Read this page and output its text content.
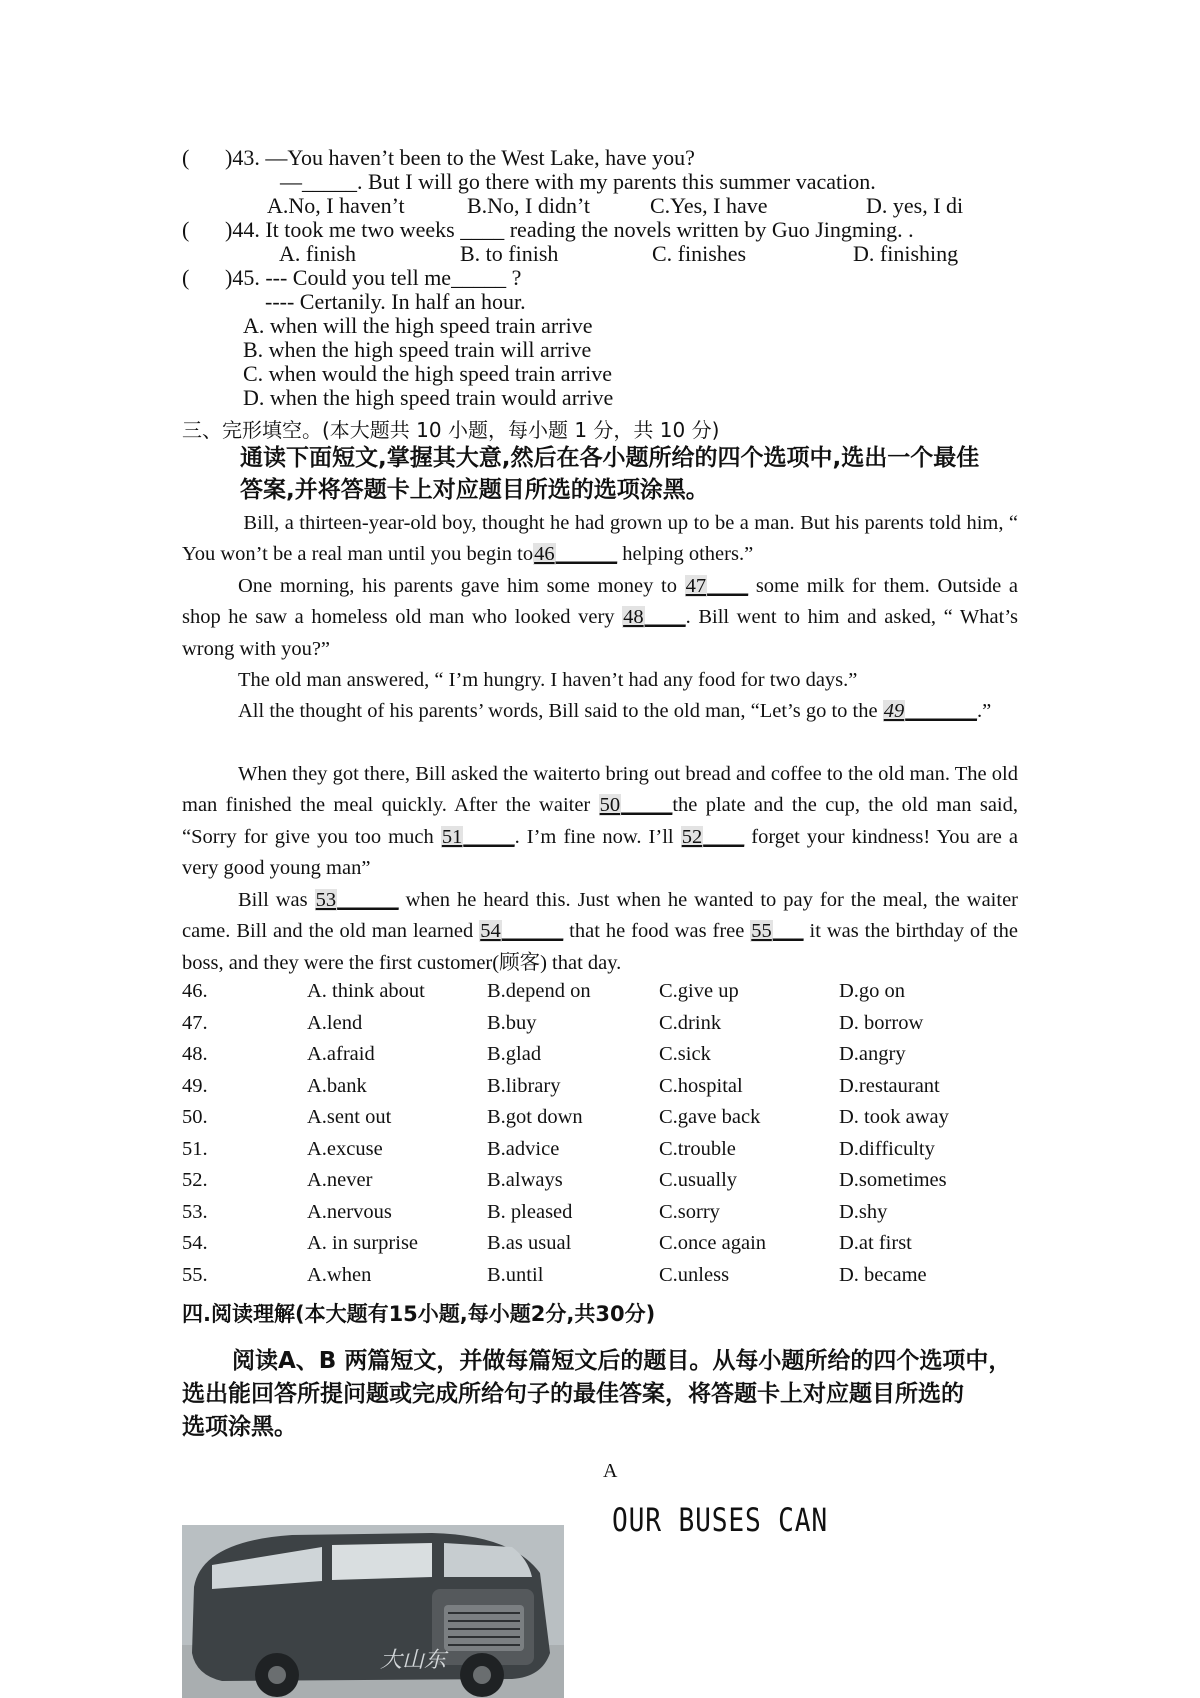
( )43. —You haven’t been to the West Lake, have you?
—_____. But I will go there with my parents this summer vacation.
A.No, I haven’t	B.No, I didn’t	C.Yes, I have	D. yes, I di
( )44. It took me two weeks ____ reading the novels written by Guo Jingming. .
A. finish	B. to finish	C. finishes	D. finishing
( )45. --- Could you tell me_____ ?
---- Certanily. In half an hour.
A. when will the high speed train arrive
B. when the high speed train will arrive
C. when would the high speed train arrive
D. when the high speed train would arrive
三、完形填空。(本大题共 10 小题，每小题 1 分，共 10 分)
通读下面短文,掌握其大意,然后在各小题所给的四个选项中,选出一个最佳
答案,并将答题卡上对应题目所选的选项涂黑。
Bill, a thirteen-year-old boy, thought he had grown up to be a man. But his parents told him, “ You won’t be a real man until you begin to46______ helping others.”
One morning, his parents gave him some money to 47____ some milk for them. Outside a shop he saw a homeless old man who looked very 48____. Bill went to him and asked, “ What’s wrong with you?”
The old man answered, “ I’m hungry. I haven’t had any food for two days.”
All the thought of his parents’ words, Bill said to the old man, “Let’s go to the 49_______.”
When they got there, Bill asked the waiterto bring out bread and coffee to the old man. The old man finished the meal quickly. After the waiter 50_____the plate and the cup, the old man said, “Sorry for give you too much 51_____. I’m fine now. I’ll 52____ forget your kindness! You are a very good young man”
Bill was 53______ when he heard this. Just when he wanted to pay for the meal, the waiter came. Bill and the old man learned 54______ that he food was free 55___ it was the birthday of the boss, and they were the first customer(顾客) that day.
46.	A. think about	B.depend on	C.give up	D.go on
47.	A.lend	B.buy	C.drink	D. borrow
48.	A.afraid	B.glad	C.sick	D.angry
49.	A.bank	B.library	C.hospital	D.restaurant
50.	A.sent out	B.got down	C.gave back	D. took away
51.	A.excuse	B.advice	C.trouble	D.difficulty
52.	A.never	B.always	C.usually	D.sometimes
53.	A.nervous	B. pleased	C.sorry	D.shy
54.	A. in surprise	B.as usual	C.once again	D.at first
55.	A.when	B.until	C.unless	D. became
四.阅读理解(本大题有15小题,每小题2分,共30分)
阅读A、B 两篇短文，并做每篇短文后的题目。从每小题所给的四个选项中，
选出能回答所提问题或完成所给句子的最佳答案，将答题卡上对应题目所选的
选项涂黑。
A
OUR BUSES CAN
大山东
